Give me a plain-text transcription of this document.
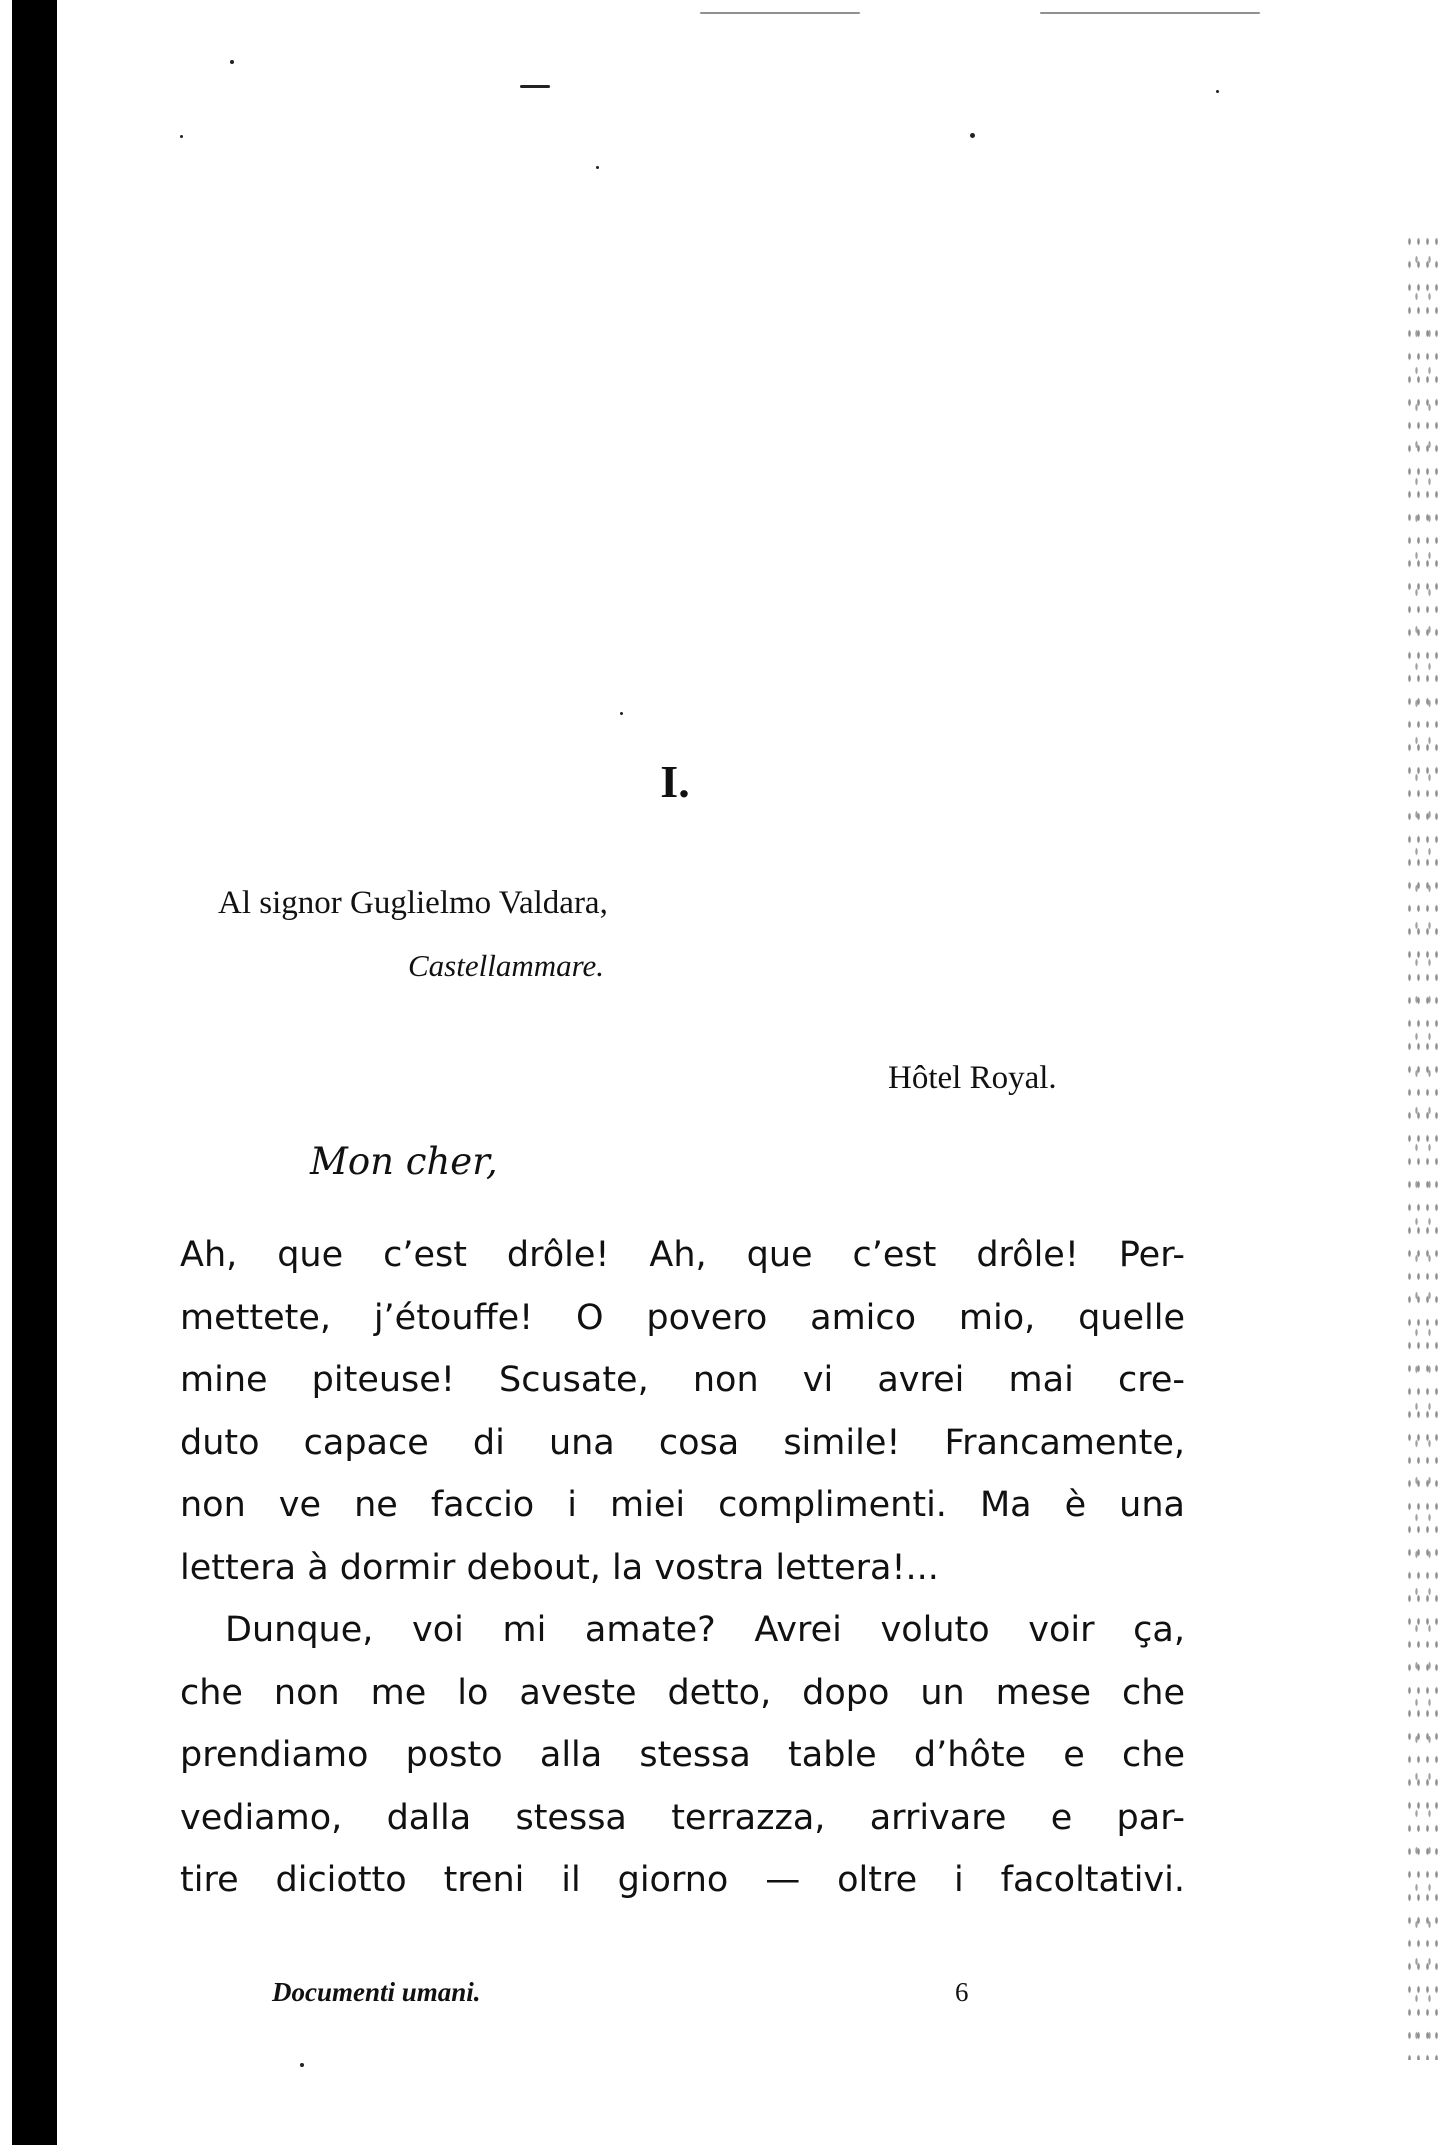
I.
Al signor Guglielmo Valdara,
Castellammare.
Hôtel Royal.
Mon cher,
Ah, que c’est drôle! Ah, que c’est drôle! Per-
mettete, j’étouffe! O povero amico mio, quelle
mine piteuse! Scusate, non vi avrei mai cre-
duto capace di una cosa simile! Francamente,
non ve ne faccio i miei complimenti. Ma è una
lettera à dormir debout, la vostra lettera!...
Dunque, voi mi amate? Avrei voluto voir ça,
che non me lo aveste detto, dopo un mese che
prendiamo posto alla stessa table d’hôte e che
vediamo, dalla stessa terrazza, arrivare e par-
tire diciotto treni il giorno — oltre i facoltativi.
Documenti umani.	6
